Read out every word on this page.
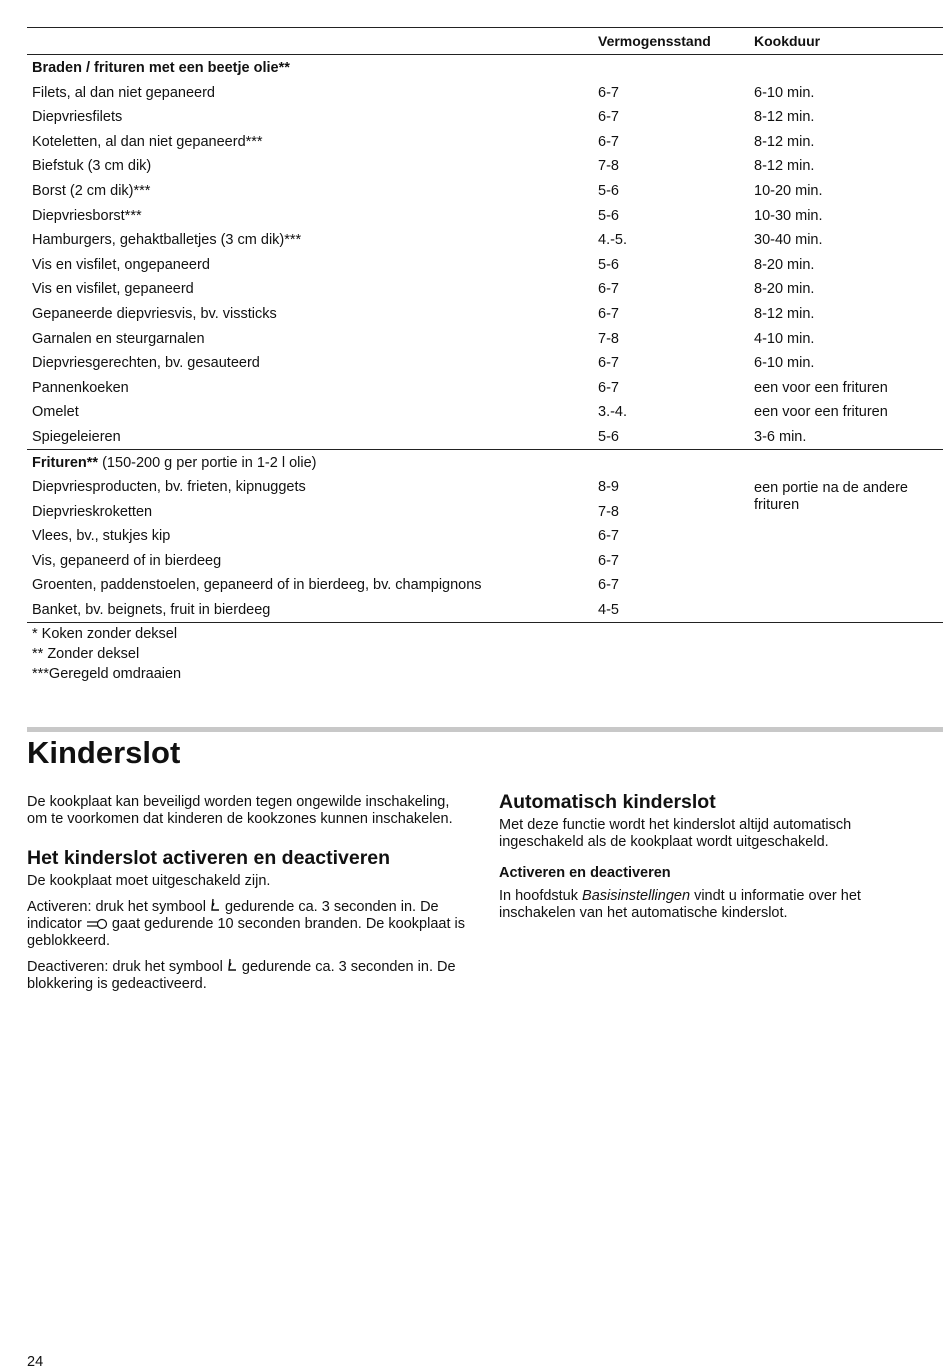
Vermogensstand	Kookduur
Braden / frituren met een beetje olie**
Filets, al dan niet gepaneerd	6-7	6-10 min.
Diepvriesfilets	6-7	8-12 min.
Koteletten, al dan niet gepaneerd***	6-7	8-12 min.
Biefstuk (3 cm dik)	7-8	8-12 min.
Borst (2 cm dik)***	5-6	10-20 min.
Diepvriesborst***	5-6	10-30 min.
Hamburgers, gehaktballetjes (3 cm dik)***	4.-5.	30-40 min.
Vis en visfilet, ongepaneerd	5-6	8-20 min.
Vis en visfilet, gepaneerd	6-7	8-20 min.
Gepaneerde diepvriesvis, bv. vissticks	6-7	8-12 min.
Garnalen en steurgarnalen	7-8	4-10 min.
Diepvriesgerechten, bv. gesauteerd	6-7	6-10 min.
Pannenkoeken	6-7	een voor een frituren
Omelet	3.-4.	een voor een frituren
Spiegeleieren	5-6	3-6 min.
Frituren** (150-200 g per portie in 1-2 l olie)
een portie na de andere frituren
Diepvriesproducten, bv. frieten, kipnuggets	8-9
Diepvrieskroketten	7-8
Vlees, bv., stukjes kip	6-7
Vis, gepaneerd of in bierdeeg	6-7
Groenten, paddenstoelen, gepaneerd of in bierdeeg, bv. champignons	6-7
Banket, bv. beignets, fruit in bierdeeg	4-5
* Koken zonder deksel
** Zonder deksel
***Geregeld omdraaien
Kinderslot

De kookplaat kan beveiligd worden tegen ongewilde inschakeling, om te voorkomen dat kinderen de kookzones kunnen inschakelen.

Het kinderslot activeren en deactiveren

De kookplaat moet uitgeschakeld zijn.

Activeren: druk het symbool  gedurende ca. 3 seconden in. De indicator  gaat gedurende 10 seconden branden. De kookplaat is geblokkeerd.

Deactiveren: druk het symbool  gedurende ca. 3 seconden in. De blokkering is gedeactiveerd.

Automatisch kinderslot

Met deze functie wordt het kinderslot altijd automatisch ingeschakeld als de kookplaat wordt uitgeschakeld.

Activeren en deactiveren

In hoofdstuk Basisinstellingen vindt u informatie over het inschakelen van het automatische kinderslot.

24
